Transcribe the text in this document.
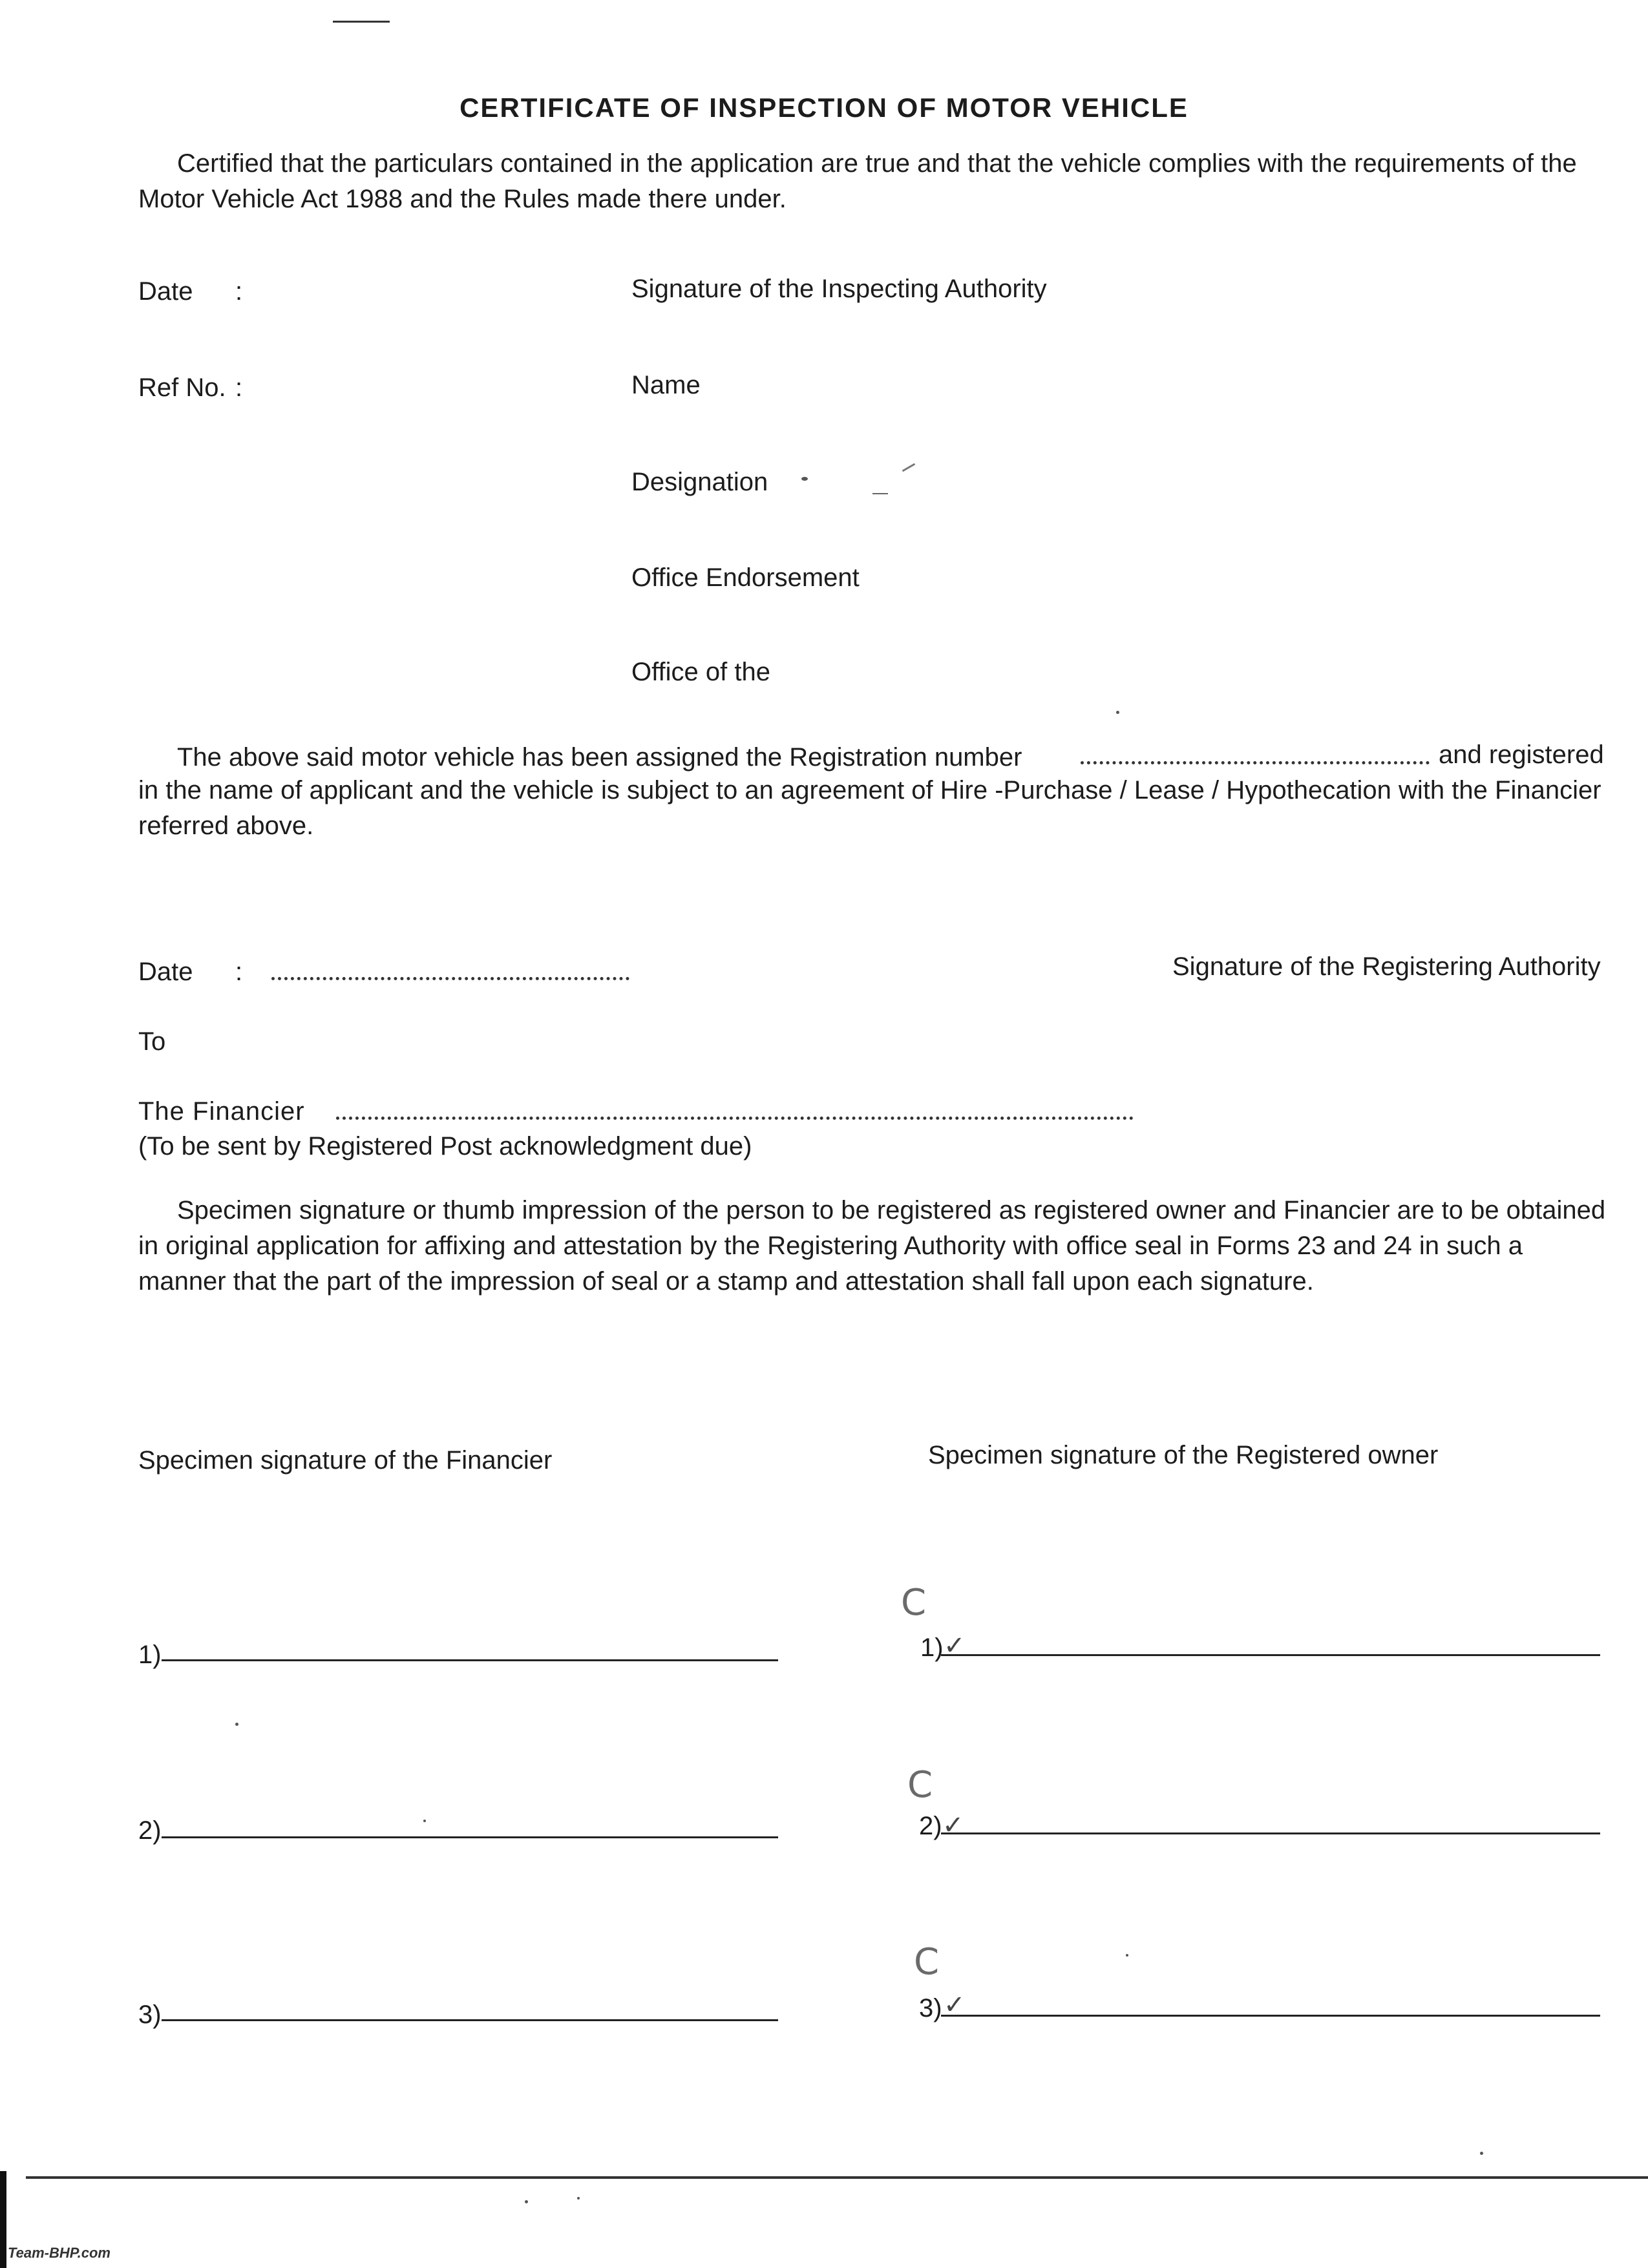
CERTIFICATE OF INSPECTION OF MOTOR VEHICLE
Certified that the particulars contained in the application are true and that the vehicle complies with the requirements of the Motor Vehicle Act 1988 and the Rules made there under.
Date :
Ref No. :
Signature of the Inspecting Authority
Name
Designation
Office Endorsement
Office of the
The above said motor vehicle has been assigned the Registration number	and registered
in the name of applicant and the vehicle is subject to an agreement of Hire -Purchase / Lease / Hypothecation with the Financier referred above.
Date :	Signature of the Registering Authority
To
The Financier
(To be sent by Registered Post acknowledgment due)
Specimen signature or thumb impression of the person to be registered as registered owner and Financier are to be obtained in original application for affixing and attestation by the Registering Authority with office seal in Forms 23 and 24 in such a manner that the part of the impression of seal or a stamp and attestation shall fall upon each signature.
Specimen signature of the Financier	Specimen signature of the Registered owner
1)
2)
3)
C
1) ✓
C
2) ✓
C
3) ✓
Team-BHP.com
